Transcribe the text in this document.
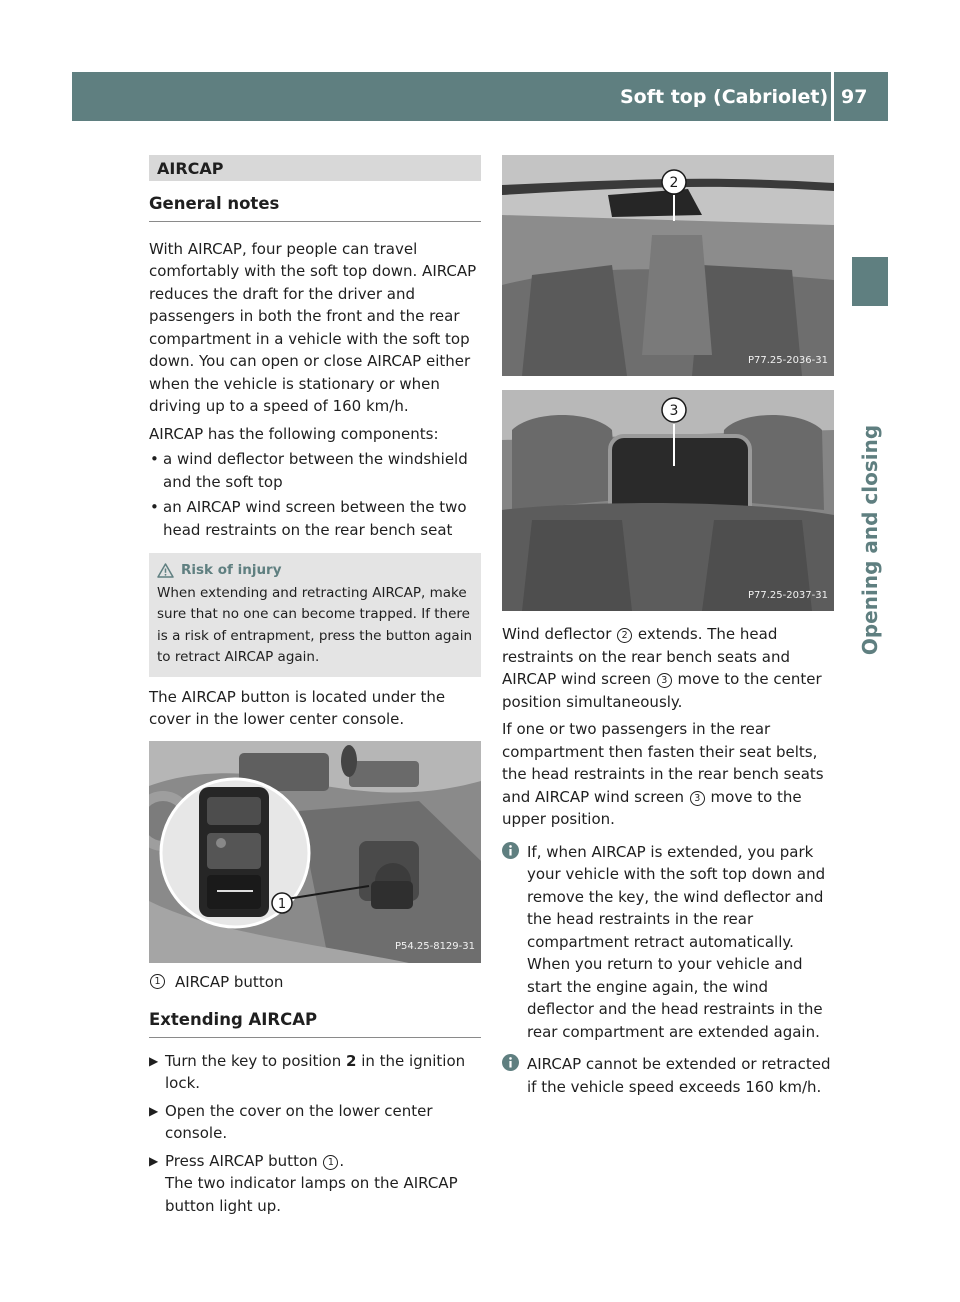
Soft top (Cabriolet) 97
Opening and closing
AIRCAP
General notes

With AIRCAP, four people can travel comfortably with the soft top down. AIRCAP reduces the draft for the driver and passengers in both the front and the rear compartment in a vehicle with the soft top down. You can open or close AIRCAP either when the vehicle is stationary or when driving up to a speed of 160 km/h.

AIRCAP has the following components:

• a wind deflector between the windshield and the soft top
• an AIRCAP wind screen between the two head restraints on the rear bench seat
Risk of injury
When extending and retracting AIRCAP, make sure that no one can become trapped. If there is a risk of entrapment, press the button again to retract AIRCAP again.

The AIRCAP button is located under the cover in the lower center console.

1
P54.25-8129-31
1 AIRCAP button
Extending AIRCAP
▶ Turn the key to position 2 in the ignition lock.
▶ Open the cover on the lower center console.
▶ Press AIRCAP button 1 .
The two indicator lamps on the AIRCAP button light up.
2
P77.25-2036-31
3
P77.25-2037-31

Wind deflector 2 extends. The head restraints on the rear bench seats and AIRCAP wind screen 3 move to the center position simultaneously.

If one or two passengers in the rear compartment then fasten their seat belts, the head restraints in the rear bench seats and AIRCAP wind screen 3 move to the upper position.

If, when AIRCAP is extended, you park your vehicle with the soft top down and remove the key, the wind deflector and the head restraints in the rear compartment retract automatically. When you return to your vehicle and start the engine again, the wind deflector and the head restraints in the rear compartment are extended again.
AIRCAP cannot be extended or retracted if the vehicle speed exceeds 160 km/h.
